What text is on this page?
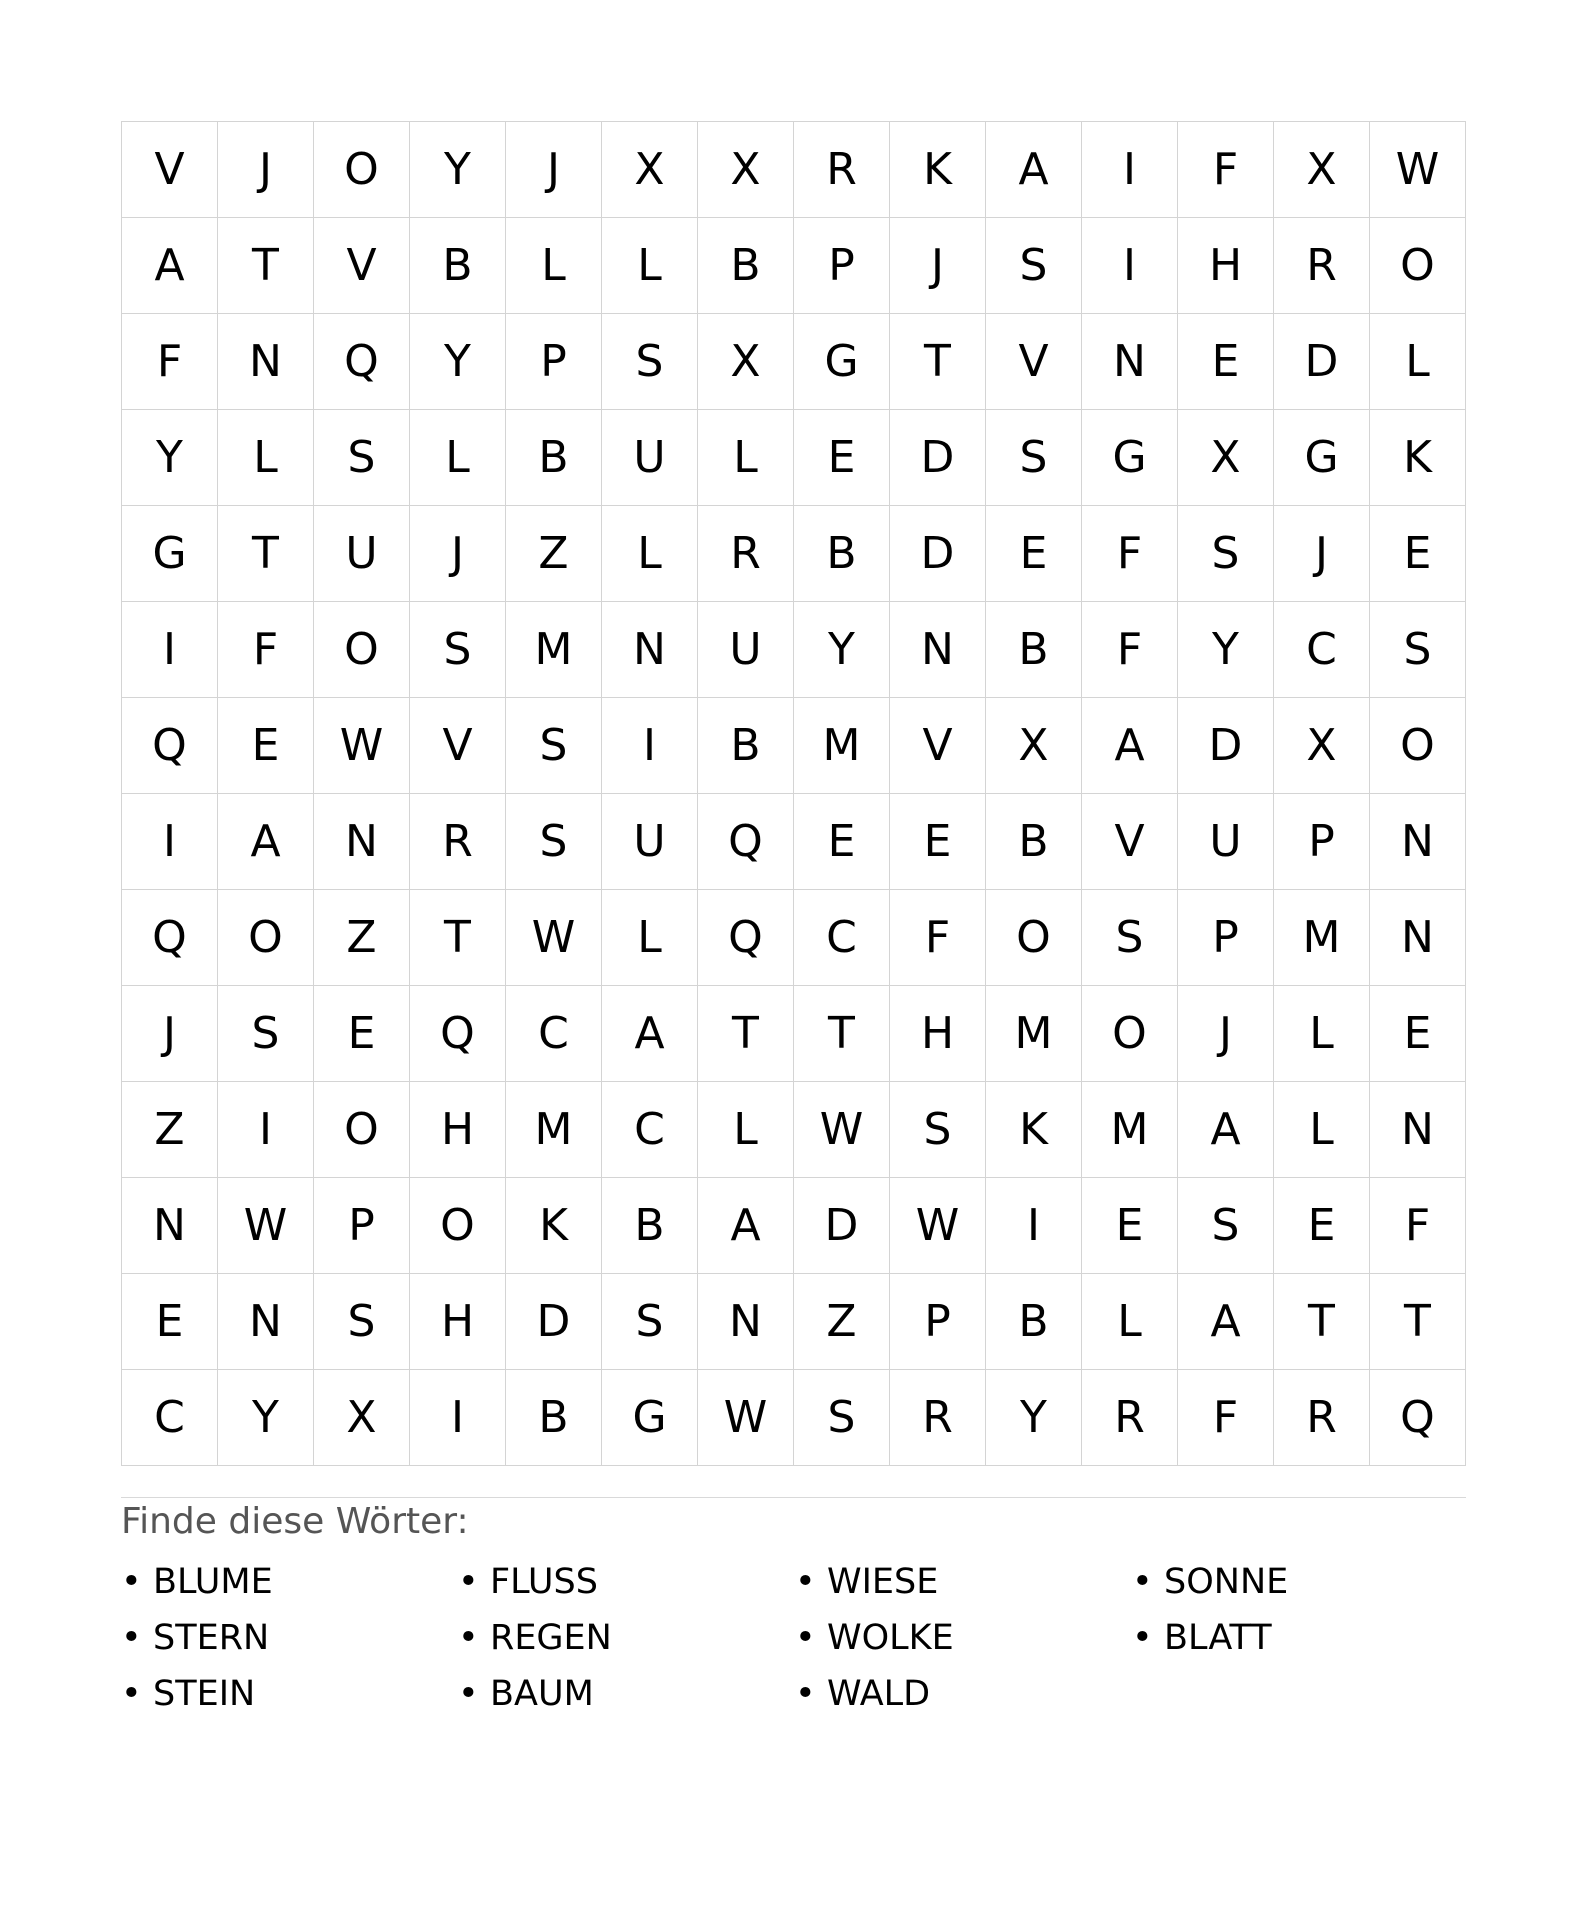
V	J	O	Y	J	X	X	R	K	A	I	F	X	W
A	T	V	B	L	L	B	P	J	S	I	H	R	O
F	N	Q	Y	P	S	X	G	T	V	N	E	D	L
Y	L	S	L	B	U	L	E	D	S	G	X	G	K
G	T	U	J	Z	L	R	B	D	E	F	S	J	E
I	F	O	S	M	N	U	Y	N	B	F	Y	C	S
Q	E	W	V	S	I	B	M	V	X	A	D	X	O
I	A	N	R	S	U	Q	E	E	B	V	U	P	N
Q	O	Z	T	W	L	Q	C	F	O	S	P	M	N
J	S	E	Q	C	A	T	T	H	M	O	J	L	E
Z	I	O	H	M	C	L	W	S	K	M	A	L	N
N	W	P	O	K	B	A	D	W	I	E	S	E	F
E	N	S	H	D	S	N	Z	P	B	L	A	T	T
C	Y	X	I	B	G	W	S	R	Y	R	F	R	Q
Finde diese Wörter:
• BLUME	• FLUSS	• WIESE	• SONNE
• STERN	• REGEN	• WOLKE	• BLATT
• STEIN	• BAUM	• WALD
